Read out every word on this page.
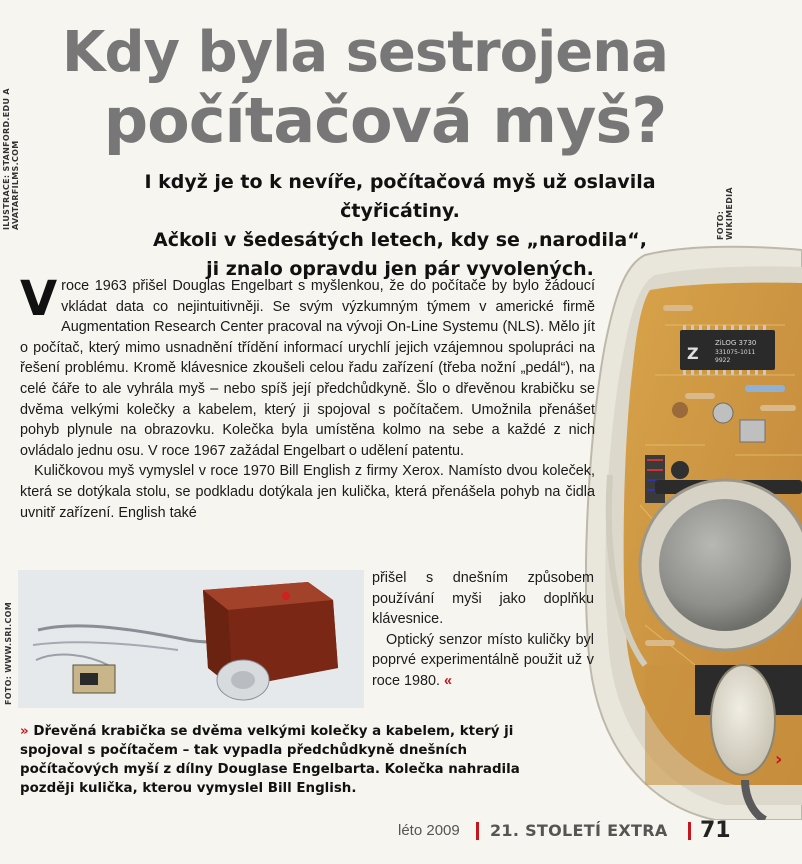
ILUSTRACE: STANFORD.EDU A AVATARFILMS.COM	FOTO: WIKIMEDIA
FOTO: WWW.SRI.COM
Kdy byla sestrojena
počítačová myš?
I když je to k nevíře, počítačová myš už oslavila čtyřicátiny.
Ačkoli v šedesátých letech, kdy se „narodila“,
ji znalo opravdu jen pár vyvolených.
ZiLOG 3730
331075-1011
9922
Z
›

V roce 1963 přišel Douglas Engelbart s myšlenkou, že do počítače by bylo žádoucí vkládat data co nejintuitivněji. Se svým výzkumným týmem v americké firmě Augmentation Research Center pracoval na vývoji On-Line Systemu (NLS). Mělo jít o počítač, který mimo usnadnění třídění informací urychlí jejich vzájemnou spolupráci na řešení problému. Kromě klávesnice zkoušeli celou řadu zařízení (třeba nožní „pedál“), na celé čáře to ale vyhrála myš – nebo spíš její předchůdkyně. Šlo o dřevěnou krabičku se dvěma velkými kolečky a kabelem, který ji spojoval s počítačem. Umožnila přenášet pohyb plynule na obrazovku. Kolečka byla umístěna kolmo na sebe a každé z nich ovládalo jednu osu. V roce 1967 zažádal Engelbart o udělení patentu.

Kuličkovou myš vymyslel v roce 1970 Bill English z firmy Xerox. Namísto dvou koleček, která se dotýkala stolu, se podkladu dotýkala jen kulička, která přenášela pohyb na čidla uvnitř zařízení. English také

přišel s dnešním způsobem používání myši jako doplňku klávesnice.

Optický senzor místo kuličky byl poprvé experimentálně použit už v roce 1980. «

» Dřevěná krabička se dvěma velkými kolečky a kabelem, který ji spojoval s počítačem – tak vypadla předchůdkyně dnešních počítačových myší z dílny Douglase Engelbarta. Kolečka nahradila později kulička, kterou vymyslel Bill English.
léto 2009 21. STOLETÍ EXTRA 71
